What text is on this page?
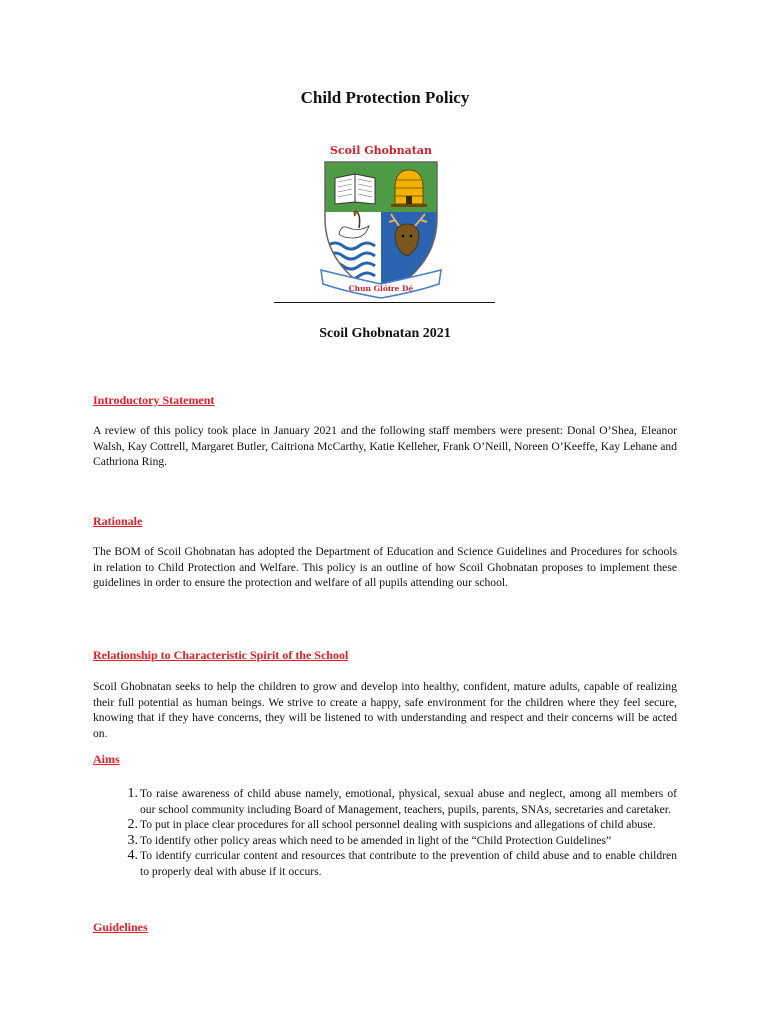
Child Protection Policy
Scoil Ghobnatan
Chun Glóire Dé
Scoil Ghobnatan 2021
Introductory Statement

A review of this policy took place in January 2021 and the following staff members were present: Donal O’Shea, Eleanor Walsh, Kay Cottrell, Margaret Butler, Caitriona McCarthy, Katie Kelleher, Frank O’Neill, Noreen O’Keeffe, Kay Lehane and Cathriona Ring.

Rationale

The BOM of Scoil Ghobnatan has adopted the Department of Education and Science Guidelines and Procedures for schools in relation to Child Protection and Welfare. This policy is an outline of how Scoil Ghobnatan proposes to implement these guidelines in order to ensure the protection and welfare of all pupils attending our school.

Relationship to Characteristic Spirit of the School

Scoil Ghobnatan seeks to help the children to grow and develop into healthy, confident, mature adults, capable of realizing their full potential as human beings. We strive to create a happy, safe environment for the children where they feel secure, knowing that if they have concerns, they will be listened to with understanding and respect and their concerns will be acted on.

Aims
1. To raise awareness of child abuse namely, emotional, physical, sexual abuse and neglect, among all members of our school community including Board of Management, teachers, pupils, parents, SNAs, secretaries and caretaker.
2. To put in place clear procedures for all school personnel dealing with suspicions and allegations of child abuse.
3. To identify other policy areas which need to be amended in light of the “Child Protection Guidelines”
4. To identify curricular content and resources that contribute to the prevention of child abuse and to enable children to properly deal with abuse if it occurs.
Guidelines
